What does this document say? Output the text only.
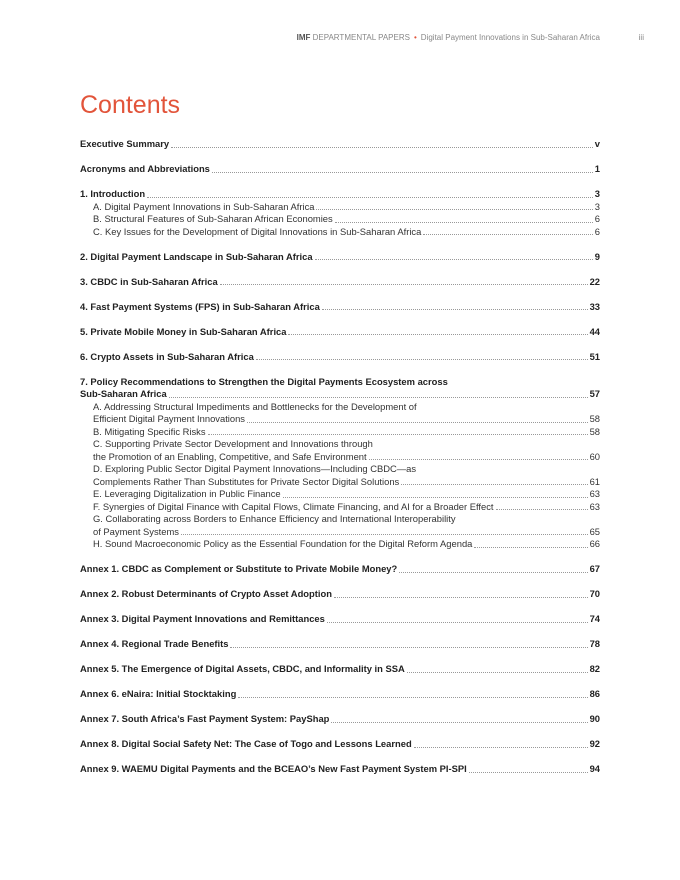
IMF DEPARTMENTAL PAPERS • Digital Payment Innovations in Sub-Saharan Africa	iii
Contents
Executive Summary	v
Acronyms and Abbreviations	1
1. Introduction	3
A. Digital Payment Innovations in Sub-Saharan Africa	3
B. Structural Features of Sub-Saharan African Economies	6
C. Key Issues for the Development of Digital Innovations in Sub-Saharan Africa	6
2. Digital Payment Landscape in Sub-Saharan Africa	9
3. CBDC in Sub-Saharan Africa	22
4. Fast Payment Systems (FPS) in Sub-Saharan Africa	33
5. Private Mobile Money in Sub-Saharan Africa	44
6. Crypto Assets in Sub-Saharan Africa	51
7. Policy Recommendations to Strengthen the Digital Payments Ecosystem across
Sub-Saharan Africa	57
A. Addressing Structural Impediments and Bottlenecks for the Development of
Efficient Digital Payment Innovations	58
B. Mitigating Specific Risks	58
C. Supporting Private Sector Development and Innovations through
the Promotion of an Enabling, Competitive, and Safe Environment	60
D. Exploring Public Sector Digital Payment Innovations—Including CBDC—as
Complements Rather Than Substitutes for Private Sector Digital Solutions	61
E. Leveraging Digitalization in Public Finance	63
F. Synergies of Digital Finance with Capital Flows, Climate Financing, and AI for a Broader Effect	63
G. Collaborating across Borders to Enhance Efficiency and International Interoperability
of Payment Systems	65
H. Sound Macroeconomic Policy as the Essential Foundation for the Digital Reform Agenda	66
Annex 1. CBDC as Complement or Substitute to Private Mobile Money?	67
Annex 2. Robust Determinants of Crypto Asset Adoption	70
Annex 3. Digital Payment Innovations and Remittances	74
Annex 4. Regional Trade Benefits	78
Annex 5. The Emergence of Digital Assets, CBDC, and Informality in SSA	82
Annex 6. eNaira: Initial Stocktaking	86
Annex 7. South Africa’s Fast Payment System: PayShap	90
Annex 8. Digital Social Safety Net: The Case of Togo and Lessons Learned	92
Annex 9. WAEMU Digital Payments and the BCEAO’s New Fast Payment System PI-SPI	94
